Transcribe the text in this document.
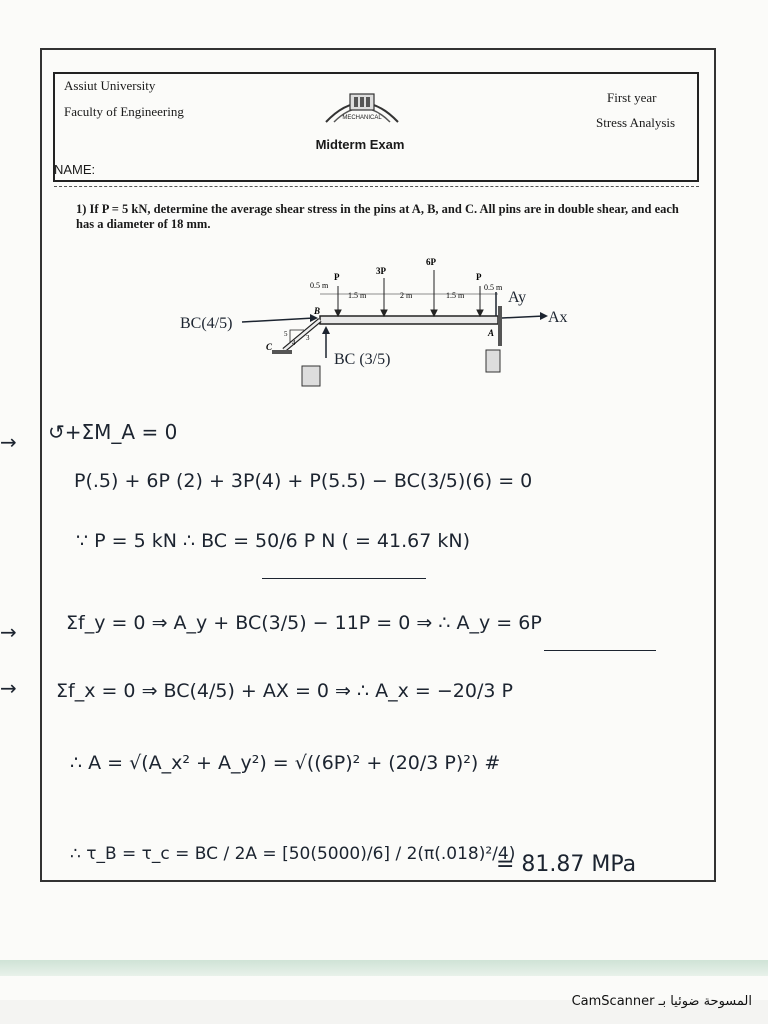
Assiut University
Faculty of Engineering
First year
Stress Analysis
MECHANICAL
Midterm Exam
NAME:
1) If P = 5 kN, determine the average shear stress in the pins at A, B, and C. All pins are in double shear, and each has a diameter of 18 mm.
5
4
3
P
3P
6P
P
0.5 m
1.5 m	2 m	1.5 m
0.5 m
B
C
A
BC(4/5)
BC (3/5)
Ay
Ax
→ ↺+ΣM_A = 0
P(.5) + 6P (2) + 3P(4) + P(5.5) − BC(3/5)(6) = 0
∵ P = 5 kN ∴ BC = 50/6 P N ( = 41.67 kN)
→	Σf_y = 0 ⇒ A_y + BC(3/5) − 11P = 0 ⇒ ∴ A_y = 6P
→ Σf_x = 0 ⇒ BC(4/5) + AX = 0 ⇒ ∴ A_x = −20/3 P
∴ A = √(A_x² + A_y²) = √((6P)² + (20/3 P)²) #
∴ τ_B = τ_c = BC / 2A = [50(5000)/6] / 2(π(.018)²/4)
= 81.87 MPa
المسوحة ضوئيا بـ CamScanner
